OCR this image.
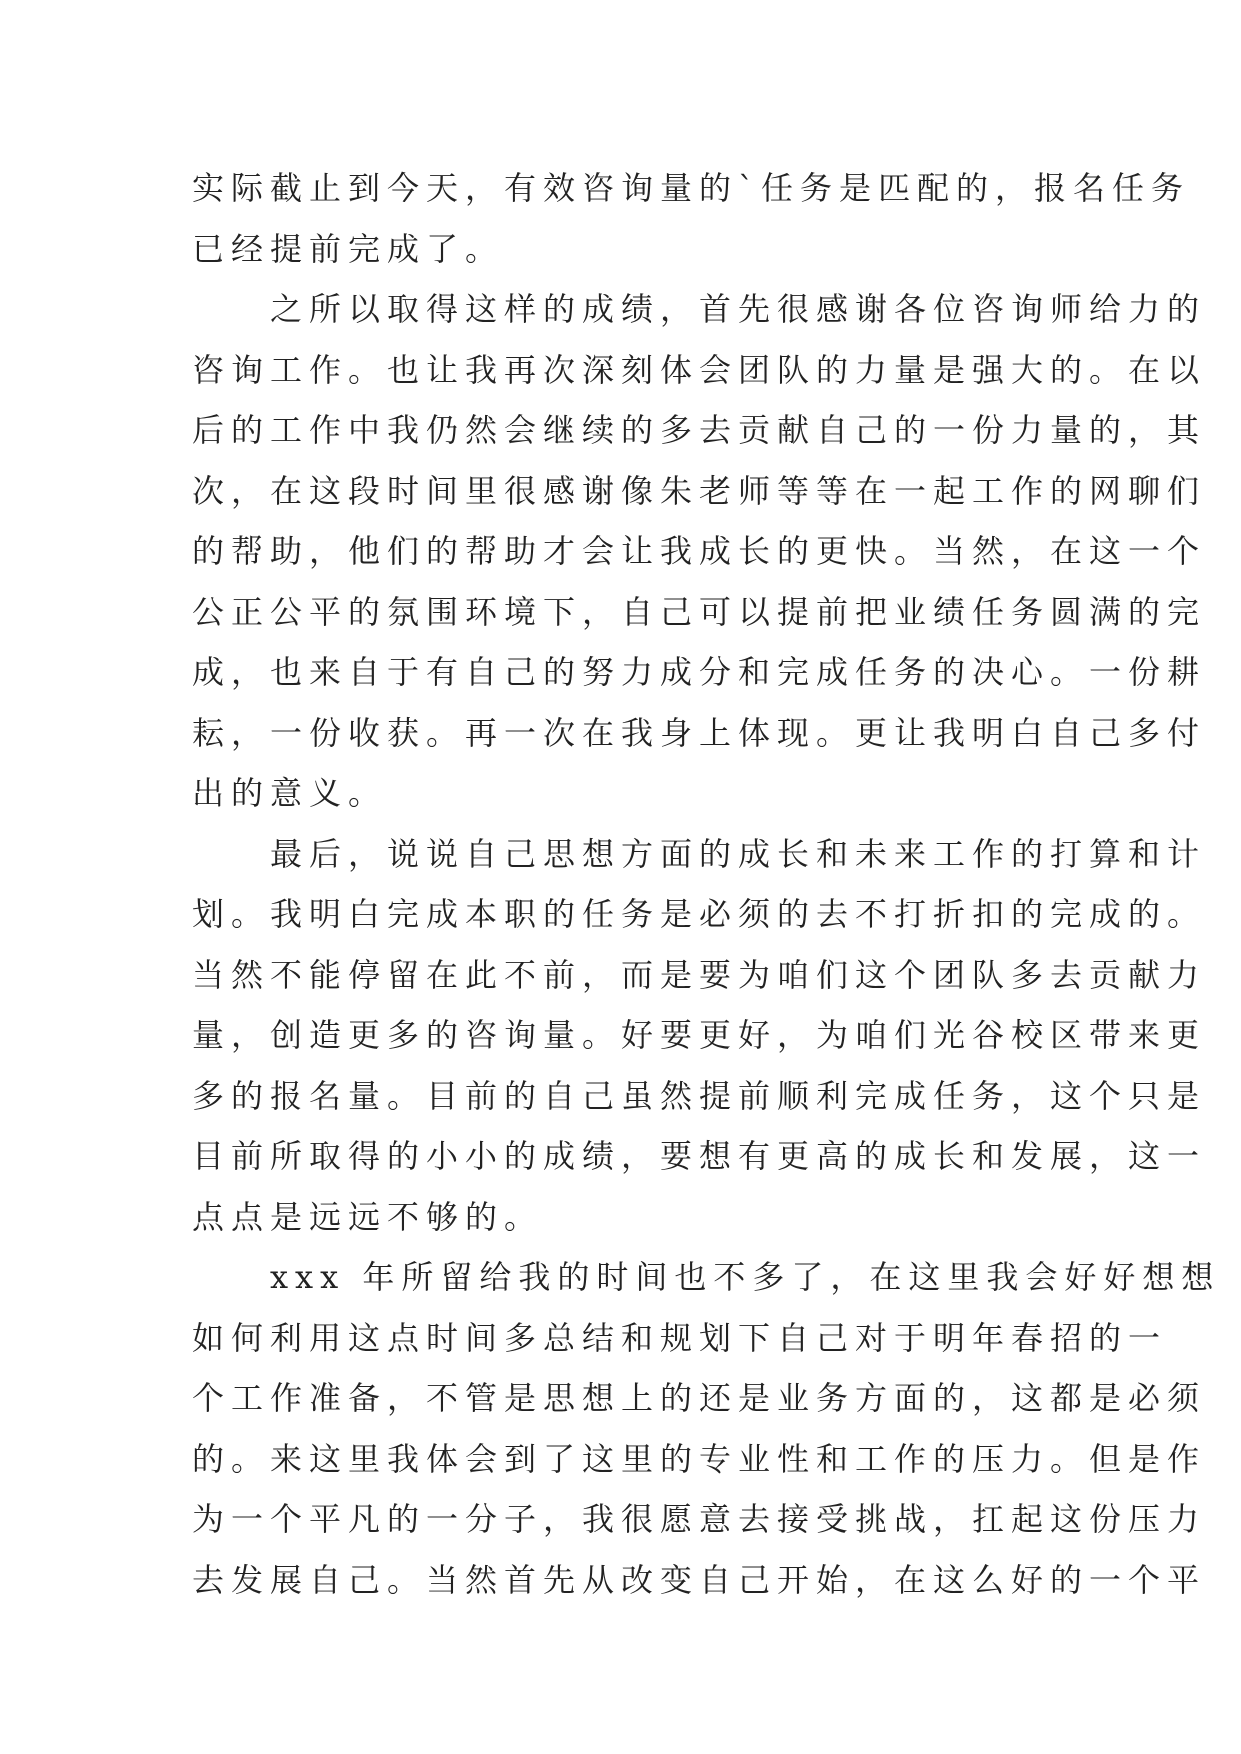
实际截止到今天，有效咨询量的`任务是匹配的，报名任务
已经提前完成了。
之所以取得这样的成绩，首先很感谢各位咨询师给力的
咨询工作。也让我再次深刻体会团队的力量是强大的。在以
后的工作中我仍然会继续的多去贡献自己的一份力量的，其
次，在这段时间里很感谢像朱老师等等在一起工作的网聊们
的帮助，他们的帮助才会让我成长的更快。当然，在这一个
公正公平的氛围环境下，自己可以提前把业绩任务圆满的完
成，也来自于有自己的努力成分和完成任务的决心。一份耕
耘，一份收获。再一次在我身上体现。更让我明白自己多付
出的意义。
最后，说说自己思想方面的成长和未来工作的打算和计
划。我明白完成本职的任务是必须的去不打折扣的完成的。
当然不能停留在此不前，而是要为咱们这个团队多去贡献力
量，创造更多的咨询量。好要更好，为咱们光谷校区带来更
多的报名量。目前的自己虽然提前顺利完成任务，这个只是
目前所取得的小小的成绩，要想有更高的成长和发展，这一
点点是远远不够的。
xxx 年所留给我的时间也不多了，在这里我会好好想想
如何利用这点时间多总结和规划下自己对于明年春招的一
个工作准备，不管是思想上的还是业务方面的，这都是必须
的。来这里我体会到了这里的专业性和工作的压力。但是作
为一个平凡的一分子，我很愿意去接受挑战，扛起这份压力
去发展自己。当然首先从改变自己开始，在这么好的一个平
